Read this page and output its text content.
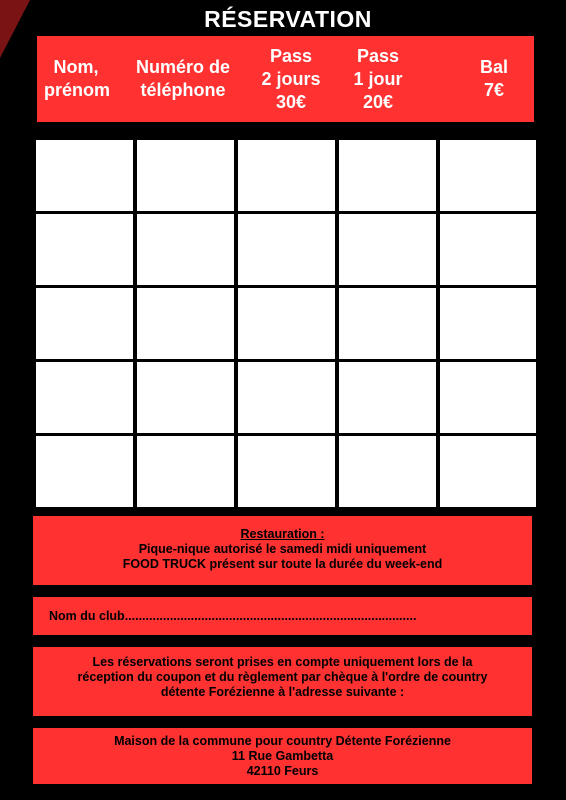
RÉSERVATION
Nom,
prénom
Numéro de
téléphone
Pass
2 jours
30€
Pass
1 jour
20€
Bal
7€
Restauration :
Pique-nique autorisé le samedi midi uniquement
FOOD TRUCK présent sur toute la durée du week-end
Nom du club....................................................................................
Les réservations seront prises en compte uniquement lors de la
réception du coupon et du règlement par chèque à l'ordre de country
détente Forézienne à l'adresse suivante :
Maison de la commune pour country Détente Forézienne
11 Rue Gambetta
42110 Feurs
